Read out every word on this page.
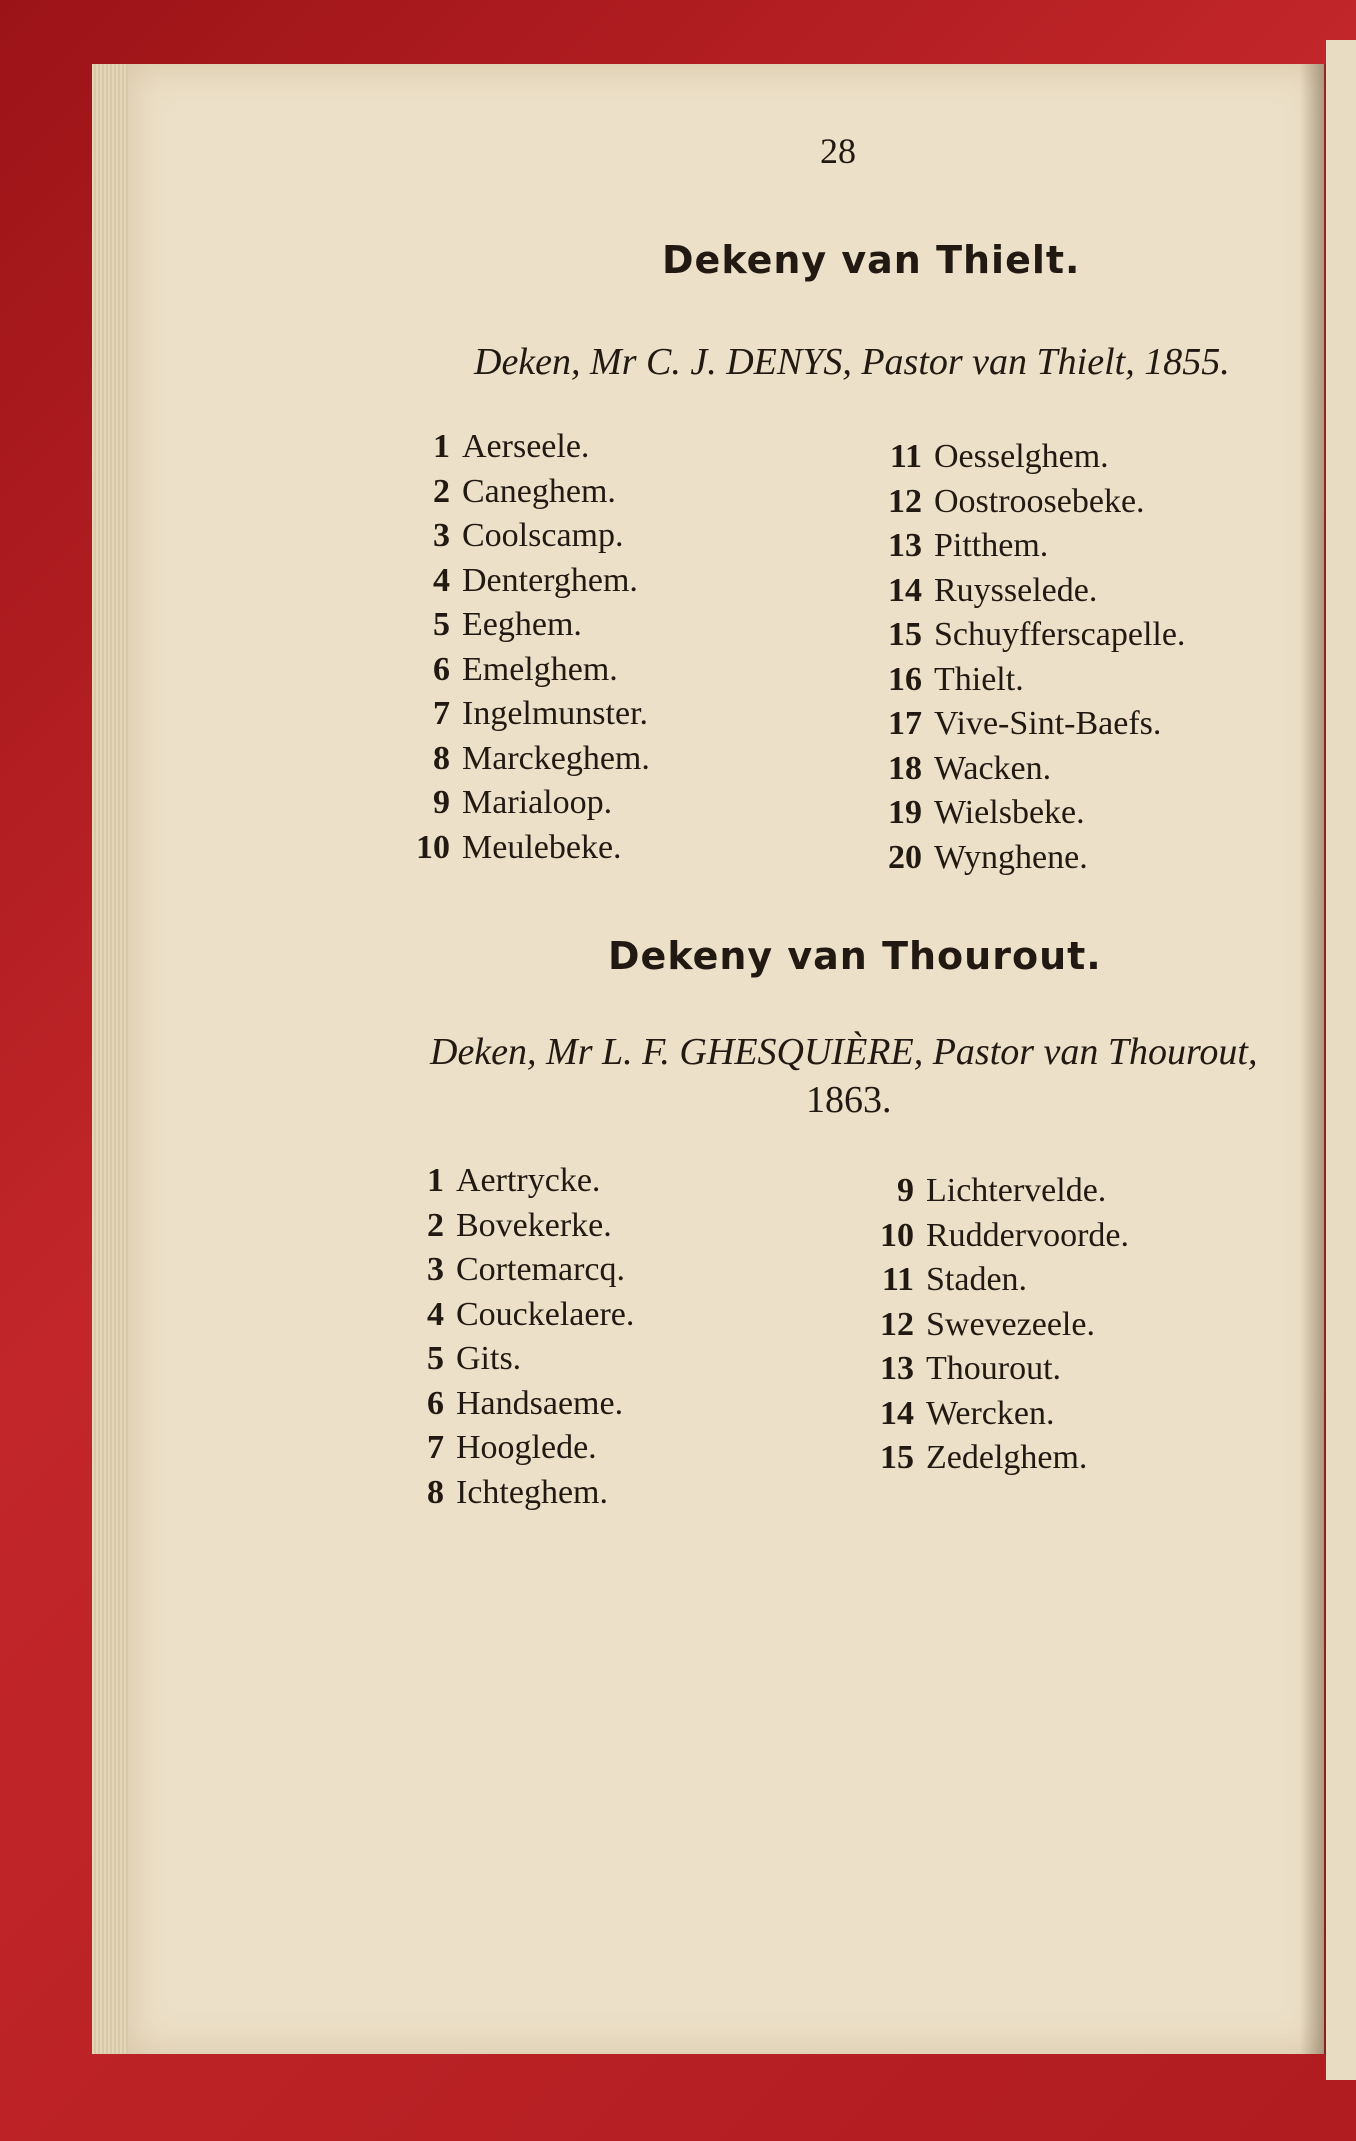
28
Dekeny van Thielt.
Deken, Mr C. J. DENYS, Pastor van Thielt, 1855.
1 Aerseele.
2 Caneghem.
3 Coolscamp.
4 Denterghem.
5 Eeghem.
6 Emelghem.
7 Ingelmunster.
8 Marckeghem.
9 Marialoop.
10 Meulebeke.
11 Oesselghem.
12 Oostroosebeke.
13 Pitthem.
14 Ruysselede.
15 Schuyfferscapelle.
16 Thielt.
17 Vive-Sint-Baefs.
18 Wacken.
19 Wielsbeke.
20 Wynghene.
Dekeny van Thourout.
Deken, Mr L. F. GHESQUIÈRE, Pastor van Thourout,
1863.
1 Aertrycke.
2 Bovekerke.
3 Cortemarcq.
4 Couckelaere.
5 Gits.
6 Handsaeme.
7 Hooglede.
8 Ichteghem.
9 Lichtervelde.
10 Ruddervoorde.
11 Staden.
12 Swevezeele.
13 Thourout.
14 Wercken.
15 Zedelghem.
